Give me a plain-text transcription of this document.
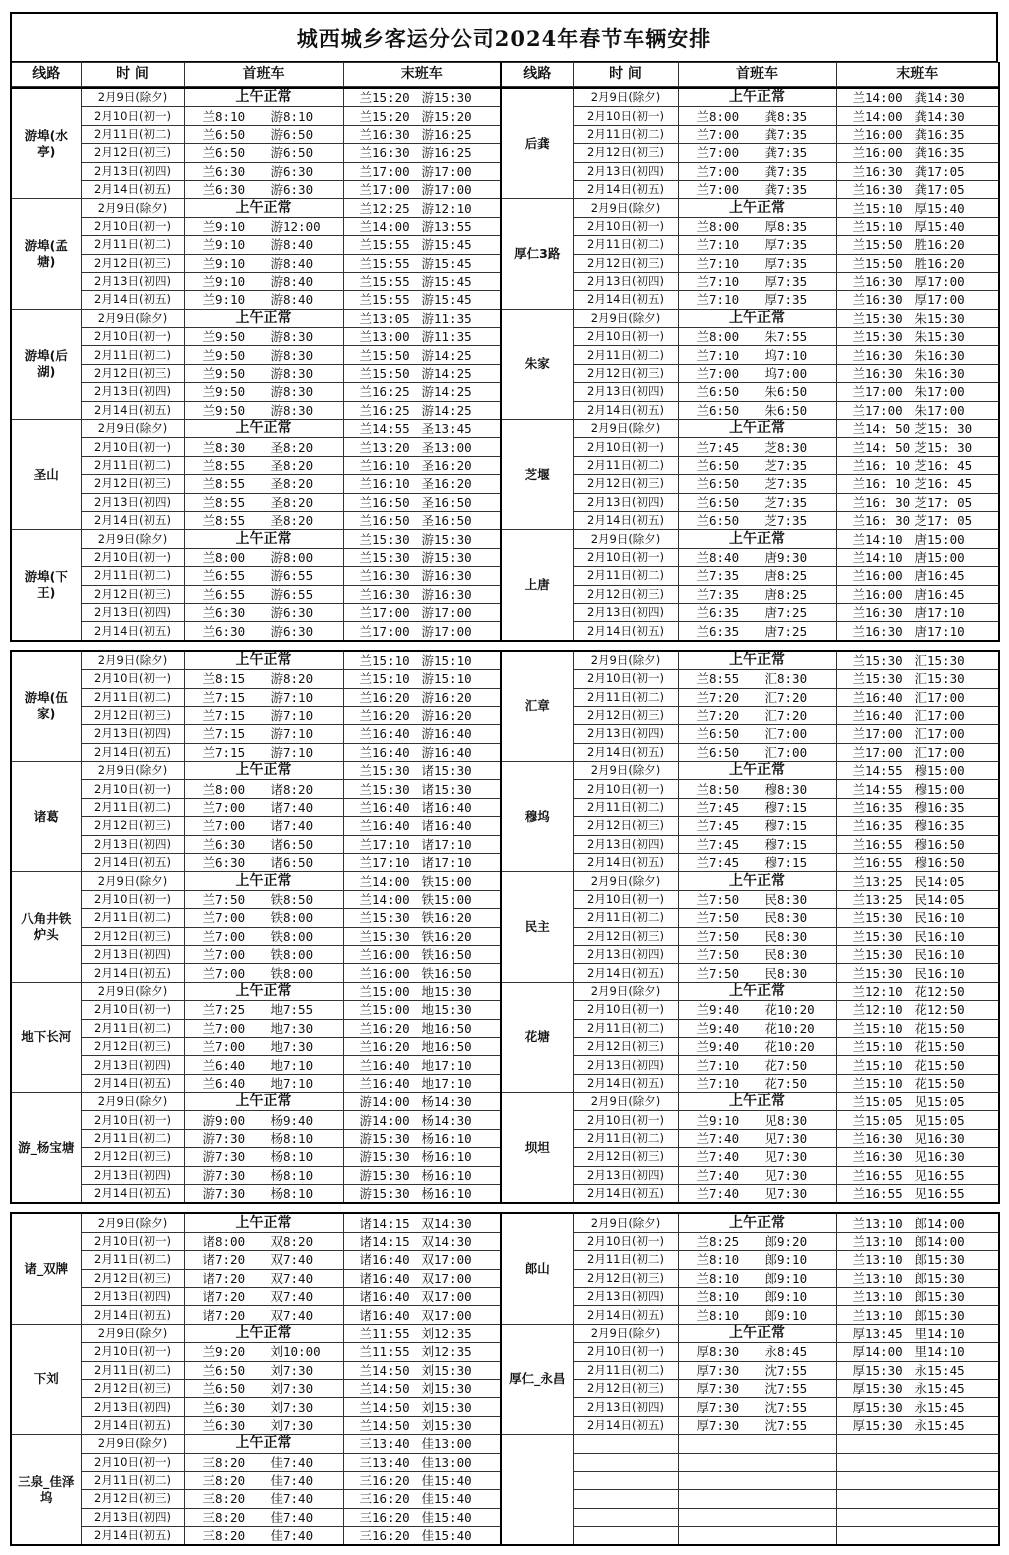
城西城乡客运分公司2024年春节车辆安排
线路	时 间	首班车	末班车	线路	时 间	首班车	末班车
游埠(水亭)	2月9日(除夕)	上午正常	兰15:20 游15:30	后龚	2月9日(除夕)	上午正常	兰14:00 龚14:30
	2月10日(初一)	兰8:10 游8:10	兰15:20 游15:20		2月10日(初一)	兰8:00 龚8:35	兰14:00 龚14:30
	2月11日(初二)	兰6:50 游6:50	兰16:30 游16:25		2月11日(初二)	兰7:00 龚7:35	兰16:00 龚16:35
	2月12日(初三)	兰6:50 游6:50	兰16:30 游16:25		2月12日(初三)	兰7:00 龚7:35	兰16:00 龚16:35
	2月13日(初四)	兰6:30 游6:30	兰17:00 游17:00		2月13日(初四)	兰7:00 龚7:35	兰16:30 龚17:05
	2月14日(初五)	兰6:30 游6:30	兰17:00 游17:00		2月14日(初五)	兰7:00 龚7:35	兰16:30 龚17:05
游埠(孟塘)	2月9日(除夕)	上午正常	兰12:25 游12:10	厚仁3路	2月9日(除夕)	上午正常	兰15:10 厚15:40
	2月10日(初一)	兰9:10 游12:00	兰14:00 游13:55		2月10日(初一)	兰8:00 厚8:35	兰15:10 厚15:40
	2月11日(初二)	兰9:10 游8:40	兰15:55 游15:45		2月11日(初二)	兰7:10 厚7:35	兰15:50 胜16:20
	2月12日(初三)	兰9:10 游8:40	兰15:55 游15:45		2月12日(初三)	兰7:10 厚7:35	兰15:50 胜16:20
	2月13日(初四)	兰9:10 游8:40	兰15:55 游15:45		2月13日(初四)	兰7:10 厚7:35	兰16:30 厚17:00
	2月14日(初五)	兰9:10 游8:40	兰15:55 游15:45		2月14日(初五)	兰7:10 厚7:35	兰16:30 厚17:00
游埠(后湖)	2月9日(除夕)	上午正常	兰13:05 游11:35	朱家	2月9日(除夕)	上午正常	兰15:30 朱15:30
	2月10日(初一)	兰9:50 游8:30	兰13:00 游11:35		2月10日(初一)	兰8:00 朱7:55	兰15:30 朱15:30
	2月11日(初二)	兰9:50 游8:30	兰15:50 游14:25		2月11日(初二)	兰7:10 坞7:10	兰16:30 朱16:30
	2月12日(初三)	兰9:50 游8:30	兰15:50 游14:25		2月12日(初三)	兰7:00 坞7:00	兰16:30 朱16:30
	2月13日(初四)	兰9:50 游8:30	兰16:25 游14:25		2月13日(初四)	兰6:50 朱6:50	兰17:00 朱17:00
	2月14日(初五)	兰9:50 游8:30	兰16:25 游14:25		2月14日(初五)	兰6:50 朱6:50	兰17:00 朱17:00
圣山	2月9日(除夕)	上午正常	兰14:55 圣13:45	芝堰	2月9日(除夕)	上午正常	兰14: 50 芝15: 30
	2月10日(初一)	兰8:30 圣8:20	兰13:20 圣13:00		2月10日(初一)	兰7:45 芝8:30	兰14: 50 芝15: 30
	2月11日(初二)	兰8:55 圣8:20	兰16:10 圣16:20		2月11日(初二)	兰6:50 芝7:35	兰16: 10 芝16: 45
	2月12日(初三)	兰8:55 圣8:20	兰16:10 圣16:20		2月12日(初三)	兰6:50 芝7:35	兰16: 10 芝16: 45
	2月13日(初四)	兰8:55 圣8:20	兰16:50 圣16:50		2月13日(初四)	兰6:50 芝7:35	兰16: 30 芝17: 05
	2月14日(初五)	兰8:55 圣8:20	兰16:50 圣16:50		2月14日(初五)	兰6:50 芝7:35	兰16: 30 芝17: 05
游埠(下王)	2月9日(除夕)	上午正常	兰15:30 游15:30	上唐	2月9日(除夕)	上午正常	兰14:10 唐15:00
	2月10日(初一)	兰8:00 游8:00	兰15:30 游15:30		2月10日(初一)	兰8:40 唐9:30	兰14:10 唐15:00
	2月11日(初二)	兰6:55 游6:55	兰16:30 游16:30		2月11日(初二)	兰7:35 唐8:25	兰16:00 唐16:45
	2月12日(初三)	兰6:55 游6:55	兰16:30 游16:30		2月12日(初三)	兰7:35 唐8:25	兰16:00 唐16:45
	2月13日(初四)	兰6:30 游6:30	兰17:00 游17:00		2月13日(初四)	兰6:35 唐7:25	兰16:30 唐17:10
	2月14日(初五)	兰6:30 游6:30	兰17:00 游17:00		2月14日(初五)	兰6:35 唐7:25	兰16:30 唐17:10
游埠(伍家)	2月9日(除夕)	上午正常	兰15:10 游15:10	汇章	2月9日(除夕)	上午正常	兰15:30 汇15:30
	2月10日(初一)	兰8:15 游8:20	兰15:10 游15:10		2月10日(初一)	兰8:55 汇8:30	兰15:30 汇15:30
	2月11日(初二)	兰7:15 游7:10	兰16:20 游16:20		2月11日(初二)	兰7:20 汇7:20	兰16:40 汇17:00
	2月12日(初三)	兰7:15 游7:10	兰16:20 游16:20		2月12日(初三)	兰7:20 汇7:20	兰16:40 汇17:00
	2月13日(初四)	兰7:15 游7:10	兰16:40 游16:40		2月13日(初四)	兰6:50 汇7:00	兰17:00 汇17:00
	2月14日(初五)	兰7:15 游7:10	兰16:40 游16:40		2月14日(初五)	兰6:50 汇7:00	兰17:00 汇17:00
诸葛	2月9日(除夕)	上午正常	兰15:30 诸15:30	穆坞	2月9日(除夕)	上午正常	兰14:55 穆15:00
	2月10日(初一)	兰8:00 诸8:20	兰15:30 诸15:30		2月10日(初一)	兰8:50 穆8:30	兰14:55 穆15:00
	2月11日(初二)	兰7:00 诸7:40	兰16:40 诸16:40		2月11日(初二)	兰7:45 穆7:15	兰16:35 穆16:35
	2月12日(初三)	兰7:00 诸7:40	兰16:40 诸16:40		2月12日(初三)	兰7:45 穆7:15	兰16:35 穆16:35
	2月13日(初四)	兰6:30 诸6:50	兰17:10 诸17:10		2月13日(初四)	兰7:45 穆7:15	兰16:55 穆16:50
	2月14日(初五)	兰6:30 诸6:50	兰17:10 诸17:10		2月14日(初五)	兰7:45 穆7:15	兰16:55 穆16:50
八角井铁炉头	2月9日(除夕)	上午正常	兰14:00 铁15:00	民主	2月9日(除夕)	上午正常	兰13:25 民14:05
	2月10日(初一)	兰7:50 铁8:50	兰14:00 铁15:00		2月10日(初一)	兰7:50 民8:30	兰13:25 民14:05
	2月11日(初二)	兰7:00 铁8:00	兰15:30 铁16:20		2月11日(初二)	兰7:50 民8:30	兰15:30 民16:10
	2月12日(初三)	兰7:00 铁8:00	兰15:30 铁16:20		2月12日(初三)	兰7:50 民8:30	兰15:30 民16:10
	2月13日(初四)	兰7:00 铁8:00	兰16:00 铁16:50		2月13日(初四)	兰7:50 民8:30	兰15:30 民16:10
	2月14日(初五)	兰7:00 铁8:00	兰16:00 铁16:50		2月14日(初五)	兰7:50 民8:30	兰15:30 民16:10
地下长河	2月9日(除夕)	上午正常	兰15:00 地15:30	花塘	2月9日(除夕)	上午正常	兰12:10 花12:50
	2月10日(初一)	兰7:25 地7:55	兰15:00 地15:30		2月10日(初一)	兰9:40 花10:20	兰12:10 花12:50
	2月11日(初二)	兰7:00 地7:30	兰16:20 地16:50		2月11日(初二)	兰9:40 花10:20	兰15:10 花15:50
	2月12日(初三)	兰7:00 地7:30	兰16:20 地16:50		2月12日(初三)	兰9:40 花10:20	兰15:10 花15:50
	2月13日(初四)	兰6:40 地7:10	兰16:40 地17:10		2月13日(初四)	兰7:10 花7:50	兰15:10 花15:50
	2月14日(初五)	兰6:40 地7:10	兰16:40 地17:10		2月14日(初五)	兰7:10 花7:50	兰15:10 花15:50
游_杨宝塘	2月9日(除夕)	上午正常	游14:00 杨14:30	坝坦	2月9日(除夕)	上午正常	兰15:05 见15:05
	2月10日(初一)	游9:00 杨9:40	游14:00 杨14:30		2月10日(初一)	兰9:10 见8:30	兰15:05 见15:05
	2月11日(初二)	游7:30 杨8:10	游15:30 杨16:10		2月11日(初二)	兰7:40 见7:30	兰16:30 见16:30
	2月12日(初三)	游7:30 杨8:10	游15:30 杨16:10		2月12日(初三)	兰7:40 见7:30	兰16:30 见16:30
	2月13日(初四)	游7:30 杨8:10	游15:30 杨16:10		2月13日(初四)	兰7:40 见7:30	兰16:55 见16:55
	2月14日(初五)	游7:30 杨8:10	游15:30 杨16:10		2月14日(初五)	兰7:40 见7:30	兰16:55 见16:55
诸_双牌	2月9日(除夕)	上午正常	诸14:15 双14:30	郎山	2月9日(除夕)	上午正常	兰13:10 郎14:00
	2月10日(初一)	诸8:00 双8:20	诸14:15 双14:30		2月10日(初一)	兰8:25 郎9:20	兰13:10 郎14:00
	2月11日(初二)	诸7:20 双7:40	诸16:40 双17:00		2月11日(初二)	兰8:10 郎9:10	兰13:10 郎15:30
	2月12日(初三)	诸7:20 双7:40	诸16:40 双17:00		2月12日(初三)	兰8:10 郎9:10	兰13:10 郎15:30
	2月13日(初四)	诸7:20 双7:40	诸16:40 双17:00		2月13日(初四)	兰8:10 郎9:10	兰13:10 郎15:30
	2月14日(初五)	诸7:20 双7:40	诸16:40 双17:00		2月14日(初五)	兰8:10 郎9:10	兰13:10 郎15:30
下刘	2月9日(除夕)	上午正常	兰11:55 刘12:35	厚仁_永昌	2月9日(除夕)	上午正常	厚13:45 里14:10
	2月10日(初一)	兰9:20 刘10:00	兰11:55 刘12:35		2月10日(初一)	厚8:30 永8:45	厚14:00 里14:10
	2月11日(初二)	兰6:50 刘7:30	兰14:50 刘15:30		2月11日(初二)	厚7:30 沈7:55	厚15:30 永15:45
	2月12日(初三)	兰6:50 刘7:30	兰14:50 刘15:30		2月12日(初三)	厚7:30 沈7:55	厚15:30 永15:45
	2月13日(初四)	兰6:30 刘7:30	兰14:50 刘15:30		2月13日(初四)	厚7:30 沈7:55	厚15:30 永15:45
	2月14日(初五)	兰6:30 刘7:30	兰14:50 刘15:30		2月14日(初五)	厚7:30 沈7:55	厚15:30 永15:45
三泉_佳泽坞	2月9日(除夕)	上午正常	三13:40 佳13:00				
	2月10日(初一)	三8:20 佳7:40	三13:40 佳13:00				
	2月11日(初二)	三8:20 佳7:40	三16:20 佳15:40				
	2月12日(初三)	三8:20 佳7:40	三16:20 佳15:40				
	2月13日(初四)	三8:20 佳7:40	三16:20 佳15:40				
	2月14日(初五)	三8:20 佳7:40	三16:20 佳15:40				
